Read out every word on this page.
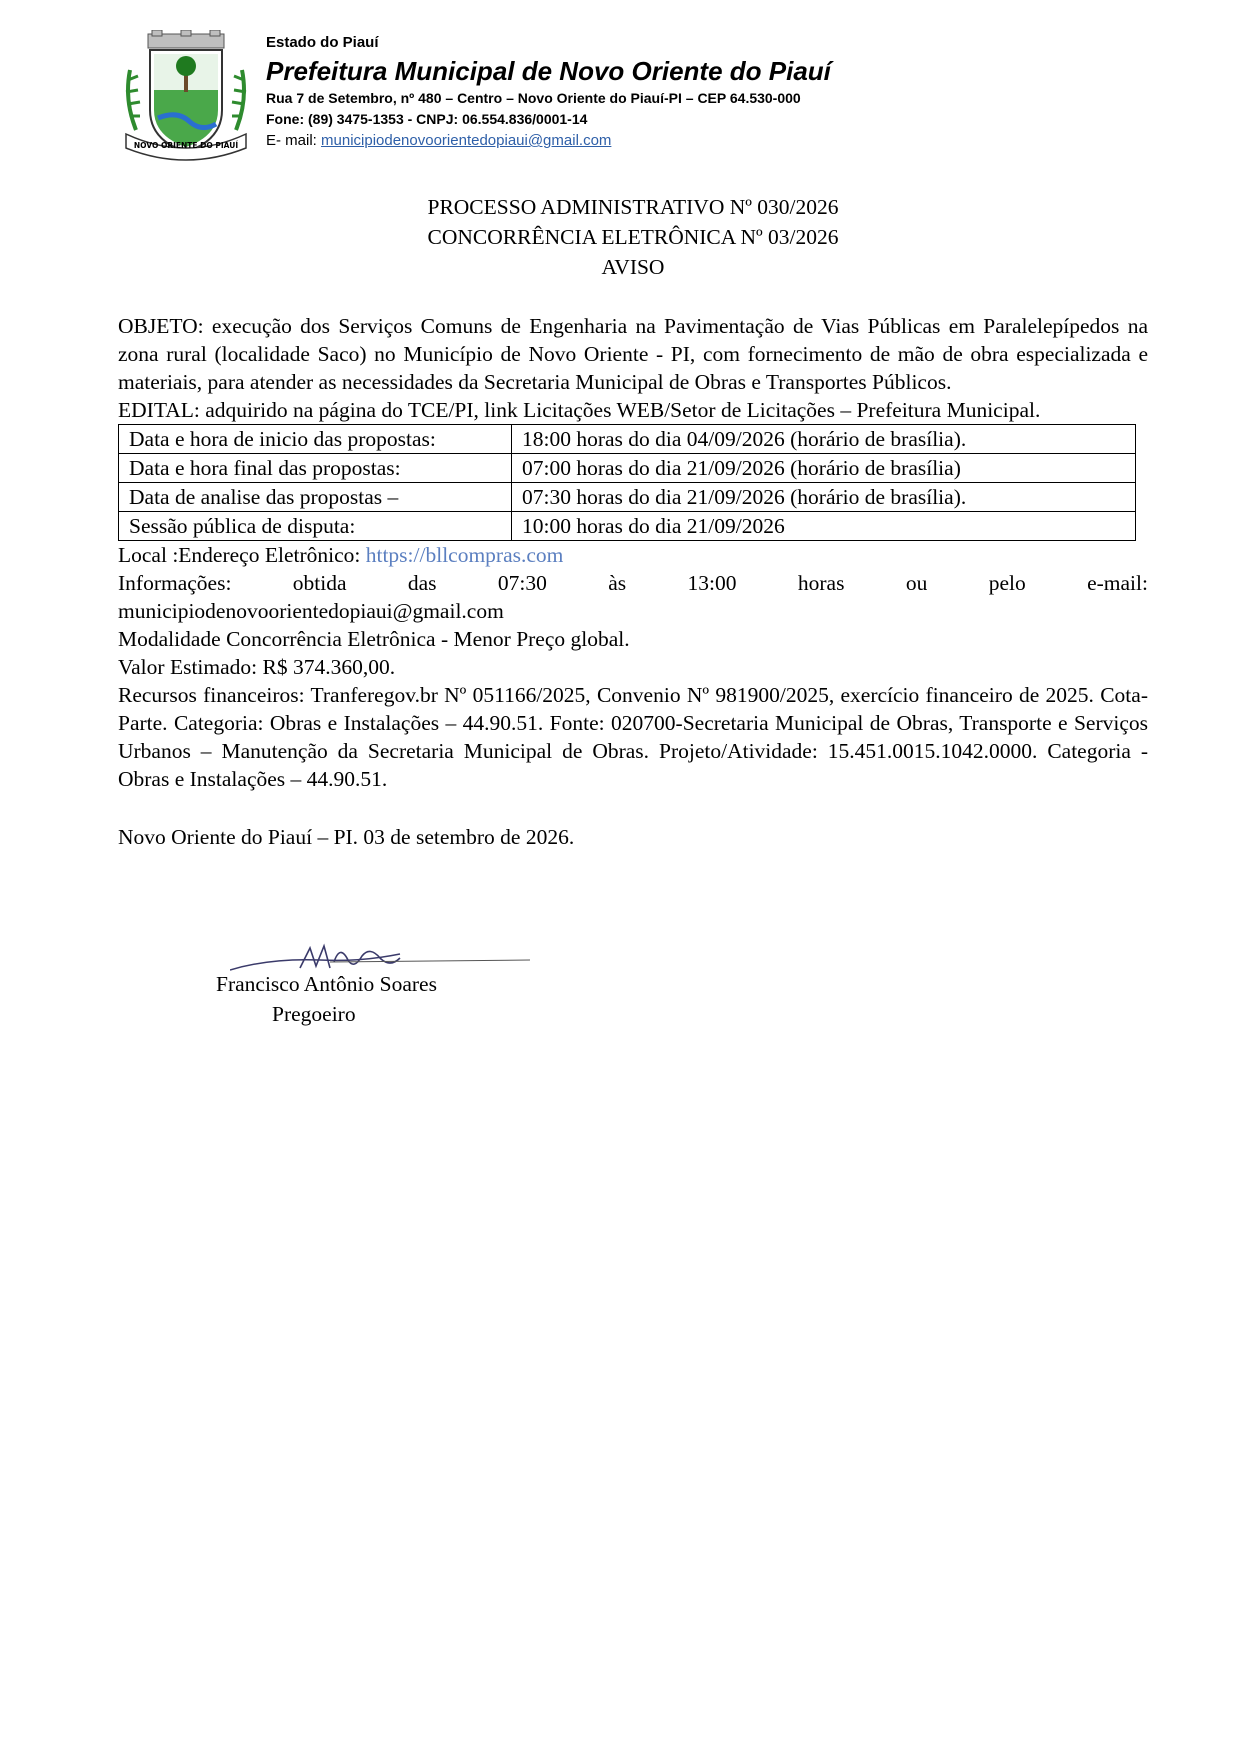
NOVO ORIENTE DO PIAUÍ
Estado do Piauí
Prefeitura Municipal de Novo Oriente do Piauí
Rua 7 de Setembro, nº 480 – Centro – Novo Oriente do Piauí-PI – CEP 64.530-000
Fone: (89) 3475-1353 - CNPJ: 06.554.836/0001-14
E- mail: municipiodenovoorientedopiaui@gmail.com
PROCESSO ADMINISTRATIVO Nº 030/2026
CONCORRÊNCIA ELETRÔNICA Nº 03/2026
AVISO

OBJETO: execução dos Serviços Comuns de Engenharia na Pavimentação de Vias Públicas em Paralelepípedos na zona rural (localidade Saco) no Município de Novo Oriente - PI, com fornecimento de mão de obra especializada e materiais, para atender as necessidades da Secretaria Municipal de Obras e Transportes Públicos.

EDITAL: adquirido na página do TCE/PI, link Licitações WEB/Setor de Licitações – Prefeitura Municipal.

Data e hora de inicio das propostas:	18:00 horas do dia 04/09/2026 (horário de brasília).
Data e hora final das propostas:	07:00 horas do dia 21/09/2026 (horário de brasília)
Data de analise das propostas –	07:30 horas do dia 21/09/2026 (horário de brasília).
Sessão pública de disputa:	10:00 horas do dia 21/09/2026
Local :Endereço Eletrônico: https://bllcompras.com
Informações:	obtida	das	07:30	às	13:00	horas	ou	pelo	e-mail:
municipiodenovoorientedopiaui@gmail.com
Modalidade Concorrência Eletrônica - Menor Preço global.
Valor Estimado: R$ 374.360,00.

Recursos financeiros: Tranferegov.br Nº 051166/2025, Convenio Nº 981900/2025, exercício financeiro de 2025. Cota-Parte. Categoria: Obras e Instalações – 44.90.51. Fonte: 020700-Secretaria Municipal de Obras, Transporte e Serviços Urbanos – Manutenção da Secretaria Municipal de Obras. Projeto/Atividade: 15.451.0015.1042.0000. Categoria - Obras e Instalações – 44.90.51.

Novo Oriente do Piauí – PI. 03 de setembro de 2026.
Francisco Antônio Soares
Pregoeiro
